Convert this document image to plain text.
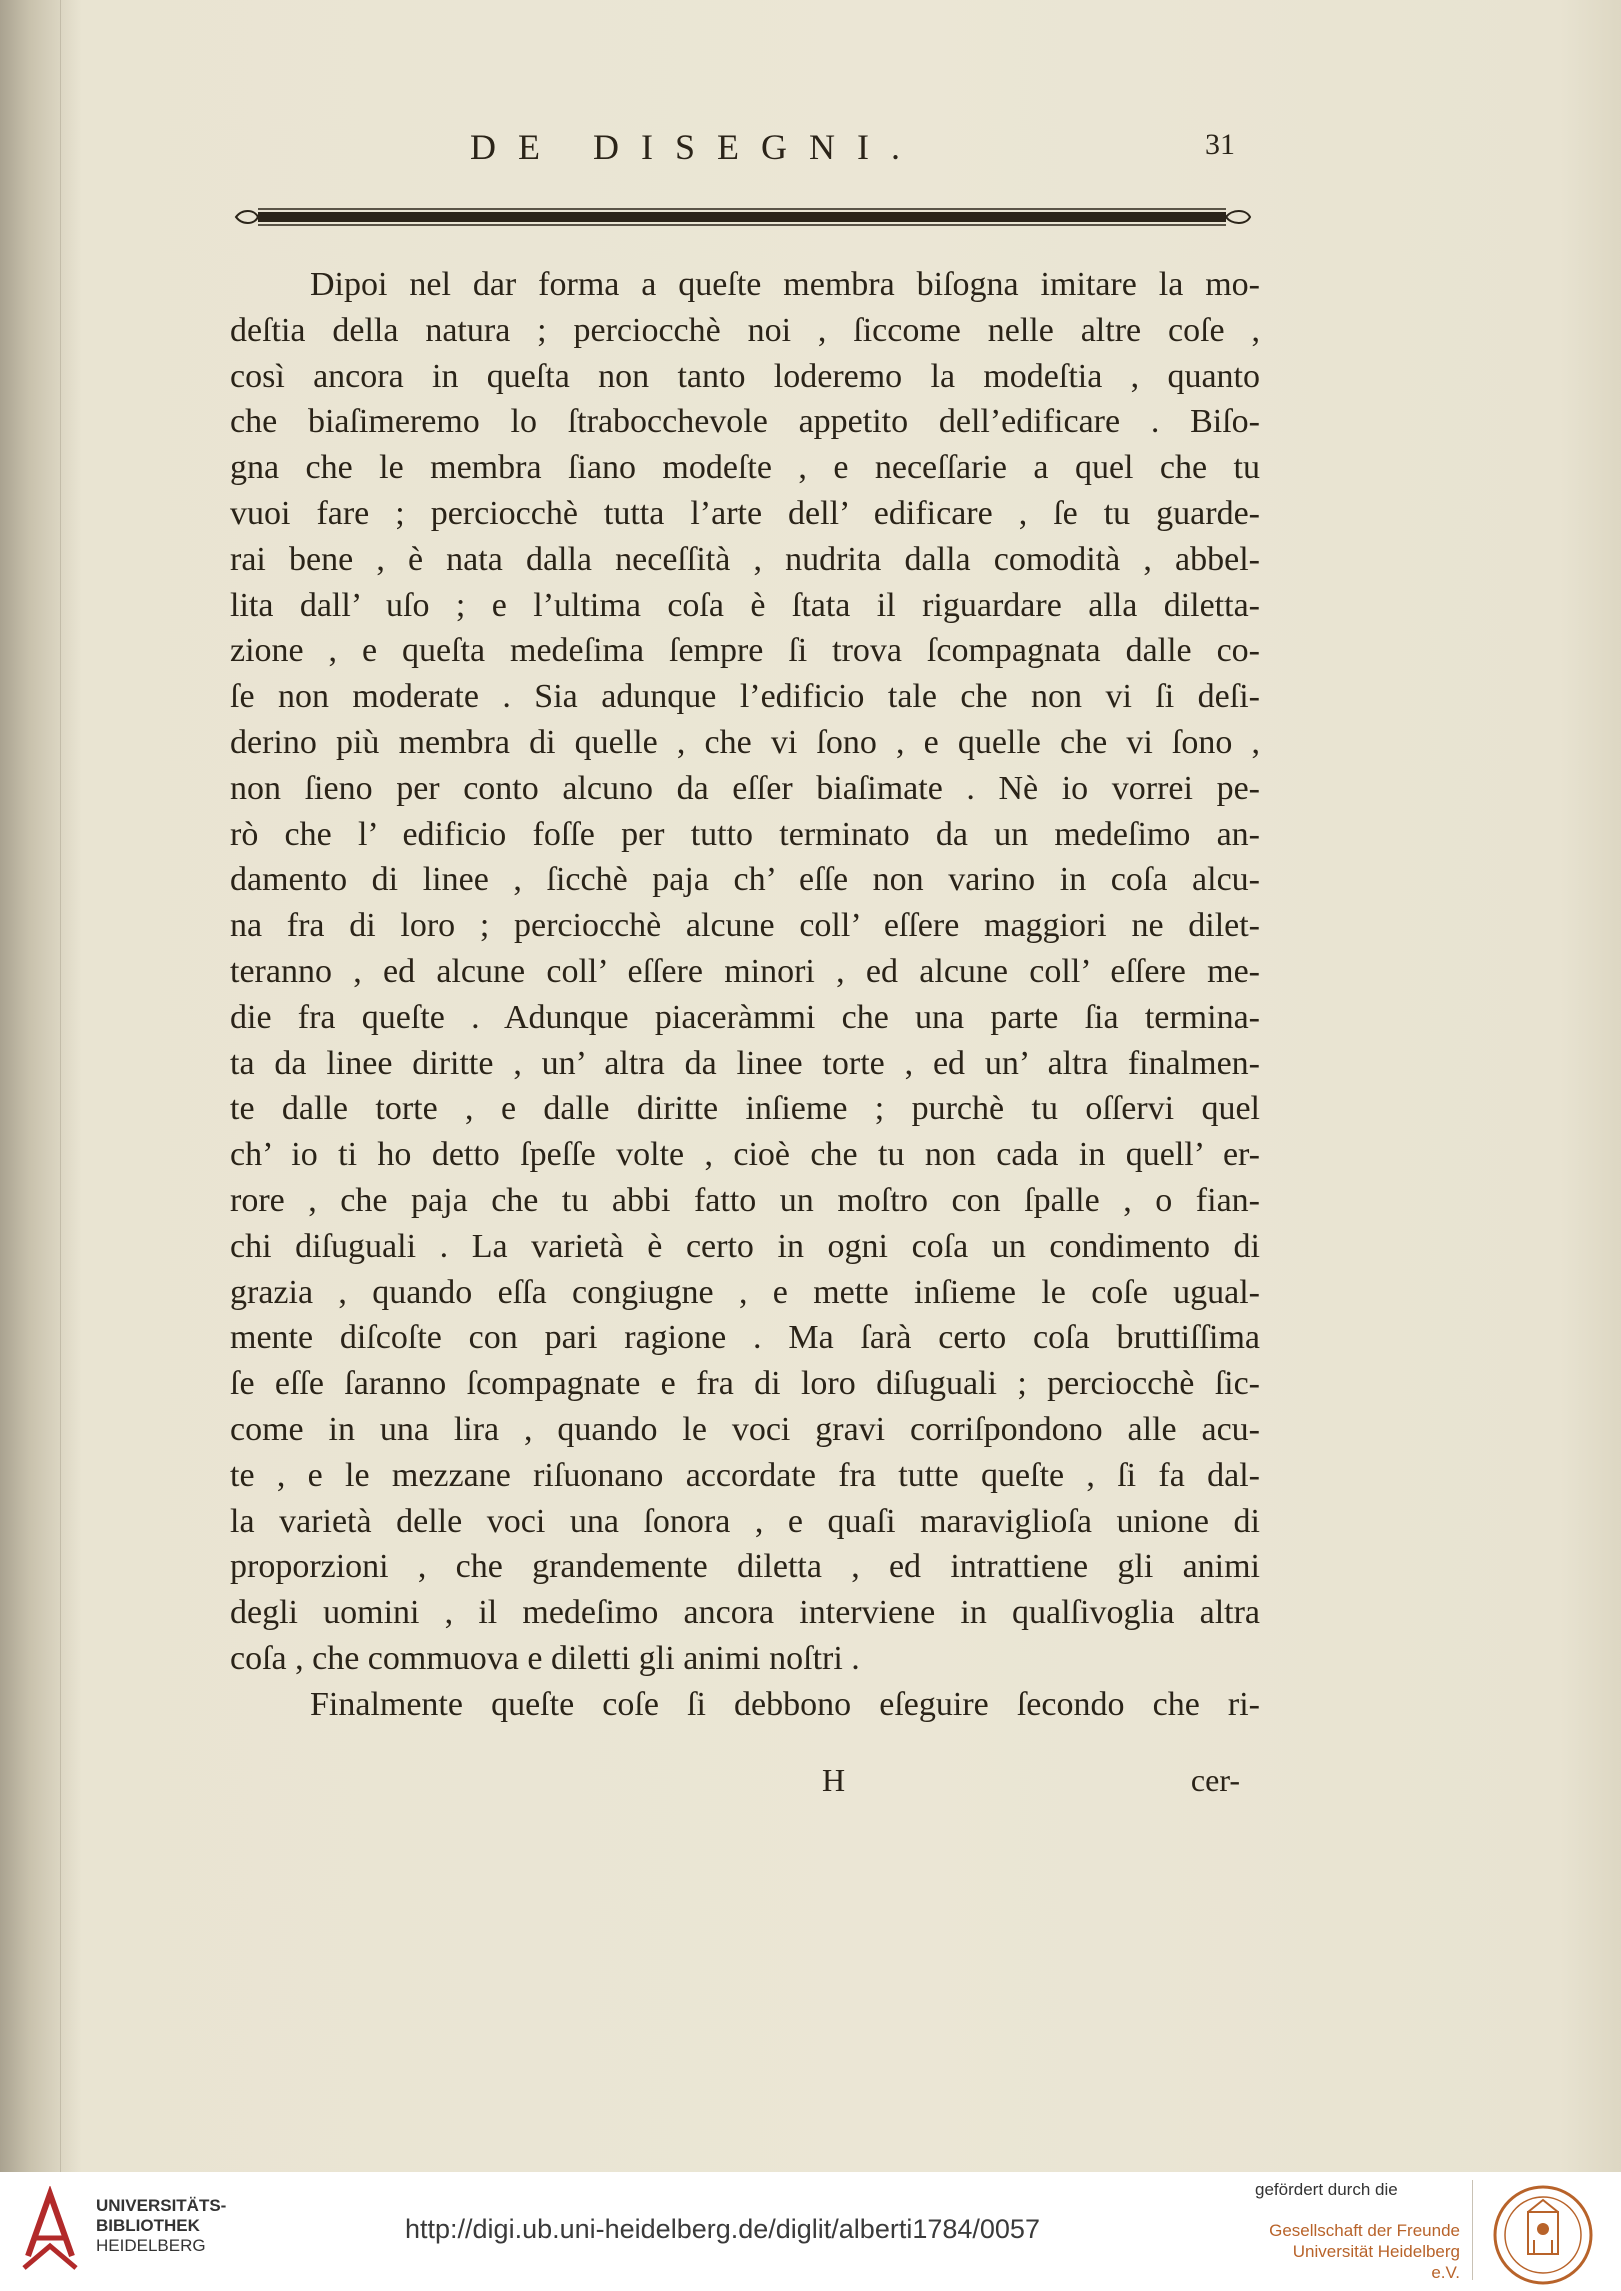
DE DISEGNI.	31
Dipoi nel dar forma a queſte membra biſogna imitare la mo-
deſtia della natura ; perciocchè noi , ſiccome nelle altre coſe ,
così ancora in queſta non tanto loderemo la modeſtia , quanto
che biaſimeremo lo ſtrabocchevole appetito dell’edificare . Biſo-
gna che le membra ſiano modeſte , e neceſſarie a quel che tu
vuoi fare ; perciocchè tutta l’arte dell’ edificare , ſe tu guarde-
rai bene , è nata dalla neceſſità , nudrita dalla comodità , abbel-
lita dall’ uſo ; e l’ultima coſa è ſtata il riguardare alla diletta-
zione , e queſta medeſima ſempre ſi trova ſcompagnata dalle co-
ſe non moderate . Sia adunque l’edificio tale che non vi ſi deſi-
derino più membra di quelle , che vi ſono , e quelle che vi ſono ,
non ſieno per conto alcuno da eſſer biaſimate . Nè io vorrei pe-
rò che l’ edificio foſſe per tutto terminato da un medeſimo an-
damento di linee , ſicchè paja ch’ eſſe non varino in coſa alcu-
na fra di loro ; perciocchè alcune coll’ eſſere maggiori ne dilet-
teranno , ed alcune coll’ eſſere minori , ed alcune coll’ eſſere me-
die fra queſte . Adunque piaceràmmi che una parte ſia termina-
ta da linee diritte , un’ altra da linee torte , ed un’ altra finalmen-
te dalle torte , e dalle diritte inſieme ; purchè tu oſſervi quel
ch’ io ti ho detto ſpeſſe volte , cioè che tu non cada in quell’ er-
rore , che paja che tu abbi fatto un moſtro con ſpalle , o fian-
chi diſuguali . La varietà è certo in ogni coſa un condimento di
grazia , quando eſſa congiugne , e mette inſieme le coſe ugual-
mente diſcoſte con pari ragione . Ma ſarà certo coſa bruttiſſima
ſe eſſe ſaranno ſcompagnate e fra di loro diſuguali ; perciocchè ſic-
come in una lira , quando le voci gravi corriſpondono alle acu-
te , e le mezzane riſuonano accordate fra tutte queſte , ſi fa dal-
la varietà delle voci una ſonora , e quaſi maraviglioſa unione di
proporzioni , che grandemente diletta , ed intrattiene gli animi
degli uomini , il medeſimo ancora interviene in qualſivoglia altra
coſa , che commuova e diletti gli animi noſtri .
Finalmente queſte coſe ſi debbono eſeguire ſecondo che ri-
H	cer-
UNIVERSITÄTS-
BIBLIOTHEK
HEIDELBERG
http://digi.ub.uni-heidelberg.de/diglit/alberti1784/0057
gefördert durch die
Gesellschaft der Freunde
Universität Heidelberg e.V.
